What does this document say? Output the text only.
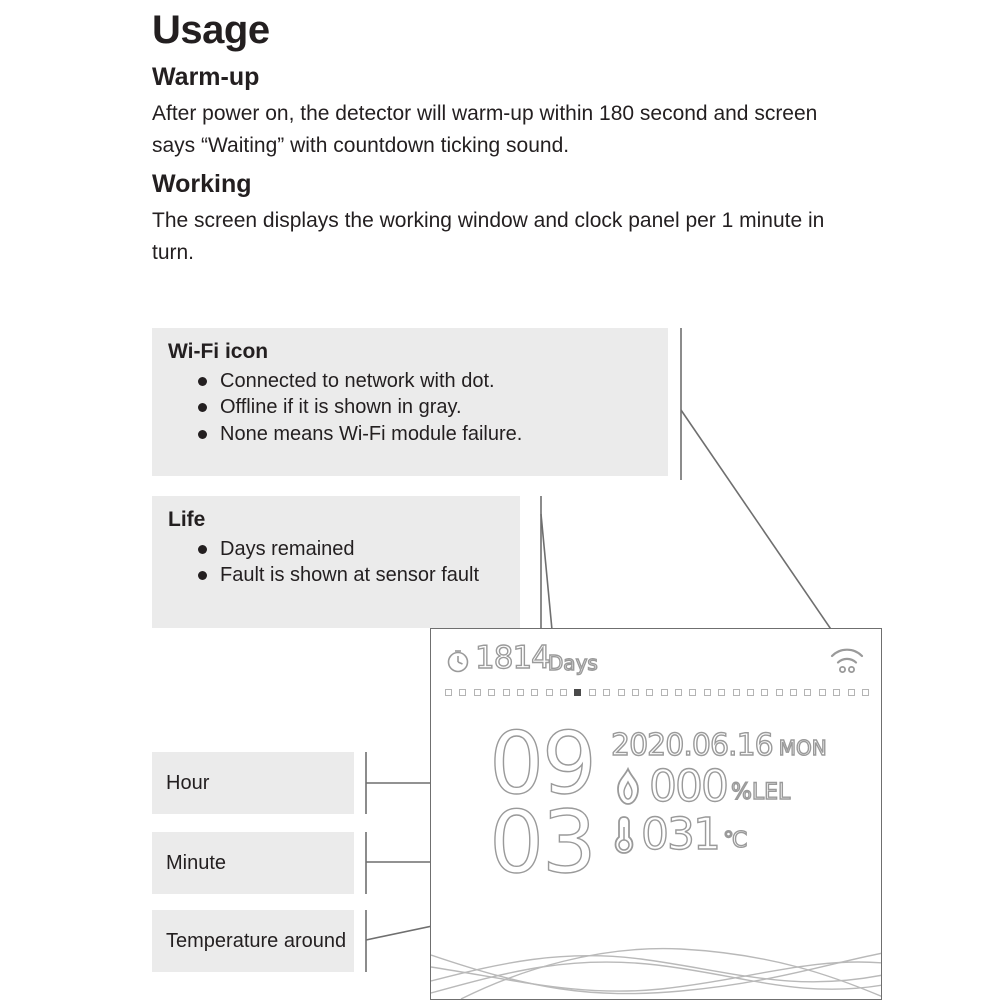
Usage
Warm-up

After power on, the detector will warm-up within 180 second and screen says “Waiting” with countdown ticking sound.

Working

The screen displays the working window and clock panel per 1 minute in turn.

Wi-Fi icon
Connected to network with dot.
Offline if it is shown in gray.
None means Wi-Fi module failure.
Life
Days remained
Fault is shown at sensor fault
Hour
Minute
Temperature around
1814
Days
09
03
2020.06.16 MON
000 %LEL
031 ℃
